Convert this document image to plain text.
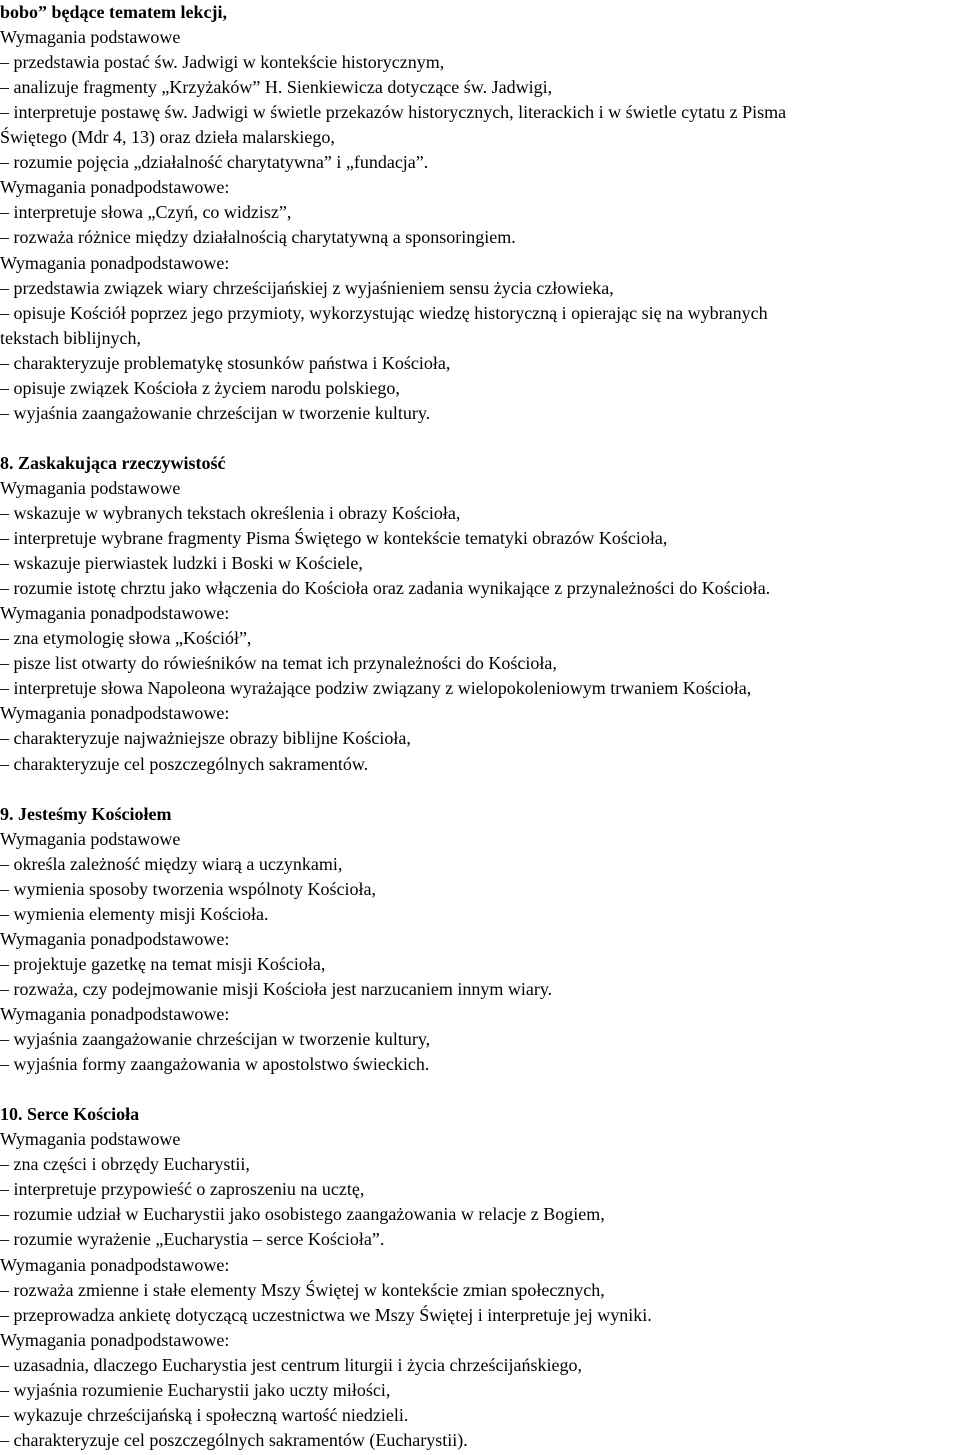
bobo” będące tematem lekcji,
Wymagania podstawowe
– przedstawia postać św. Jadwigi w kontekście historycznym,
– analizuje fragmenty „Krzyżaków” H. Sienkiewicza dotyczące św. Jadwigi,
– interpretuje postawę św. Jadwigi w świetle przekazów historycznych, literackich i w świetle cytatu z Pisma
Świętego (Mdr 4, 13) oraz dzieła malarskiego,
– rozumie pojęcia „działalność charytatywna” i „fundacja”.
Wymagania ponadpodstawowe:
– interpretuje słowa „Czyń, co widzisz”,
– rozważa różnice między działalnością charytatywną a sponsoringiem.
Wymagania ponadpodstawowe:
– przedstawia związek wiary chrześcijańskiej z wyjaśnieniem sensu życia człowieka,
– opisuje Kościół poprzez jego przymioty, wykorzystując wiedzę historyczną i opierając się na wybranych
tekstach biblijnych,
– charakteryzuje problematykę stosunków państwa i Kościoła,
– opisuje związek Kościoła z życiem narodu polskiego,
– wyjaśnia zaangażowanie chrześcijan w tworzenie kultury.
8. Zaskakująca rzeczywistość
Wymagania podstawowe
– wskazuje w wybranych tekstach określenia i obrazy Kościoła,
– interpretuje wybrane fragmenty Pisma Świętego w kontekście tematyki obrazów Kościoła,
– wskazuje pierwiastek ludzki i Boski w Kościele,
– rozumie istotę chrztu jako włączenia do Kościoła oraz zadania wynikające z przynależności do Kościoła.
Wymagania ponadpodstawowe:
– zna etymologię słowa „Kościół”,
– pisze list otwarty do rówieśników na temat ich przynależności do Kościoła,
– interpretuje słowa Napoleona wyrażające podziw związany z wielopokoleniowym trwaniem Kościoła,
Wymagania ponadpodstawowe:
– charakteryzuje najważniejsze obrazy biblijne Kościoła,
– charakteryzuje cel poszczególnych sakramentów.
9. Jesteśmy Kościołem
Wymagania podstawowe
– określa zależność między wiarą a uczynkami,
– wymienia sposoby tworzenia wspólnoty Kościoła,
– wymienia elementy misji Kościoła.
Wymagania ponadpodstawowe:
– projektuje gazetkę na temat misji Kościoła,
– rozważa, czy podejmowanie misji Kościoła jest narzucaniem innym wiary.
Wymagania ponadpodstawowe:
– wyjaśnia zaangażowanie chrześcijan w tworzenie kultury,
– wyjaśnia formy zaangażowania w apostolstwo świeckich.
10. Serce Kościoła
Wymagania podstawowe
– zna części i obrzędy Eucharystii,
– interpretuje przypowieść o zaproszeniu na ucztę,
– rozumie udział w Eucharystii jako osobistego zaangażowania w relacje z Bogiem,
– rozumie wyrażenie „Eucharystia – serce Kościoła”.
Wymagania ponadpodstawowe:
– rozważa zmienne i stałe elementy Mszy Świętej w kontekście zmian społecznych,
– przeprowadza ankietę dotyczącą uczestnictwa we Mszy Świętej i interpretuje jej wyniki.
Wymagania ponadpodstawowe:
– uzasadnia, dlaczego Eucharystia jest centrum liturgii i życia chrześcijańskiego,
– wyjaśnia rozumienie Eucharystii jako uczty miłości,
– wykazuje chrześcijańską i społeczną wartość niedzieli.
– charakteryzuje cel poszczególnych sakramentów (Eucharystii).
